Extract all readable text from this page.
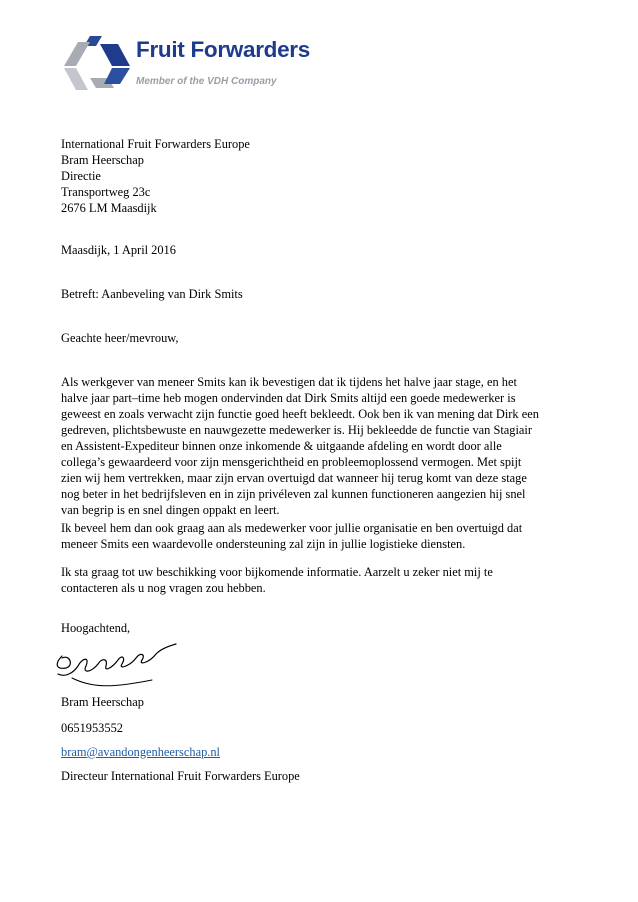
Fruit Forwarders
Member of the VDH Company
International Fruit Forwarders Europe
Bram Heerschap
Directie
Transportweg 23c
2676 LM Maasdijk
Maasdijk, 1 April 2016
Betreft: Aanbeveling van Dirk Smits
Geachte heer/mevrouw,
Als werkgever van meneer Smits kan ik bevestigen dat ik tijdens het halve jaar stage, en het
halve jaar part–time heb mogen ondervinden dat Dirk Smits altijd een goede medewerker is
geweest en zoals verwacht zijn functie goed heeft bekleedt. Ook ben ik van mening dat Dirk een
gedreven, plichtsbewuste en nauwgezette medewerker is. Hij bekleedde de functie van Stagiair
en Assistent-Expediteur binnen onze inkomende & uitgaande afdeling en wordt door alle
collega’s gewaardeerd voor zijn mensgerichtheid en probleemoplossend vermogen. Met spijt
zien wij hem vertrekken, maar zijn ervan overtuigd dat wanneer hij terug komt van deze stage
nog beter in het bedrijfsleven en in zijn privéleven zal kunnen functioneren aangezien hij snel
van begrip is en snel dingen oppakt en leert.
Ik beveel hem dan ook graag aan als medewerker voor jullie organisatie en ben overtuigd dat
meneer Smits een waardevolle ondersteuning zal zijn in jullie logistieke diensten.
Ik sta graag tot uw beschikking voor bijkomende informatie. Aarzelt u zeker niet mij te
contacteren als u nog vragen zou hebben.
Hoogachtend,
Bram Heerschap
0651953552
bram@avandongenheerschap.nl
Directeur International Fruit Forwarders Europe
